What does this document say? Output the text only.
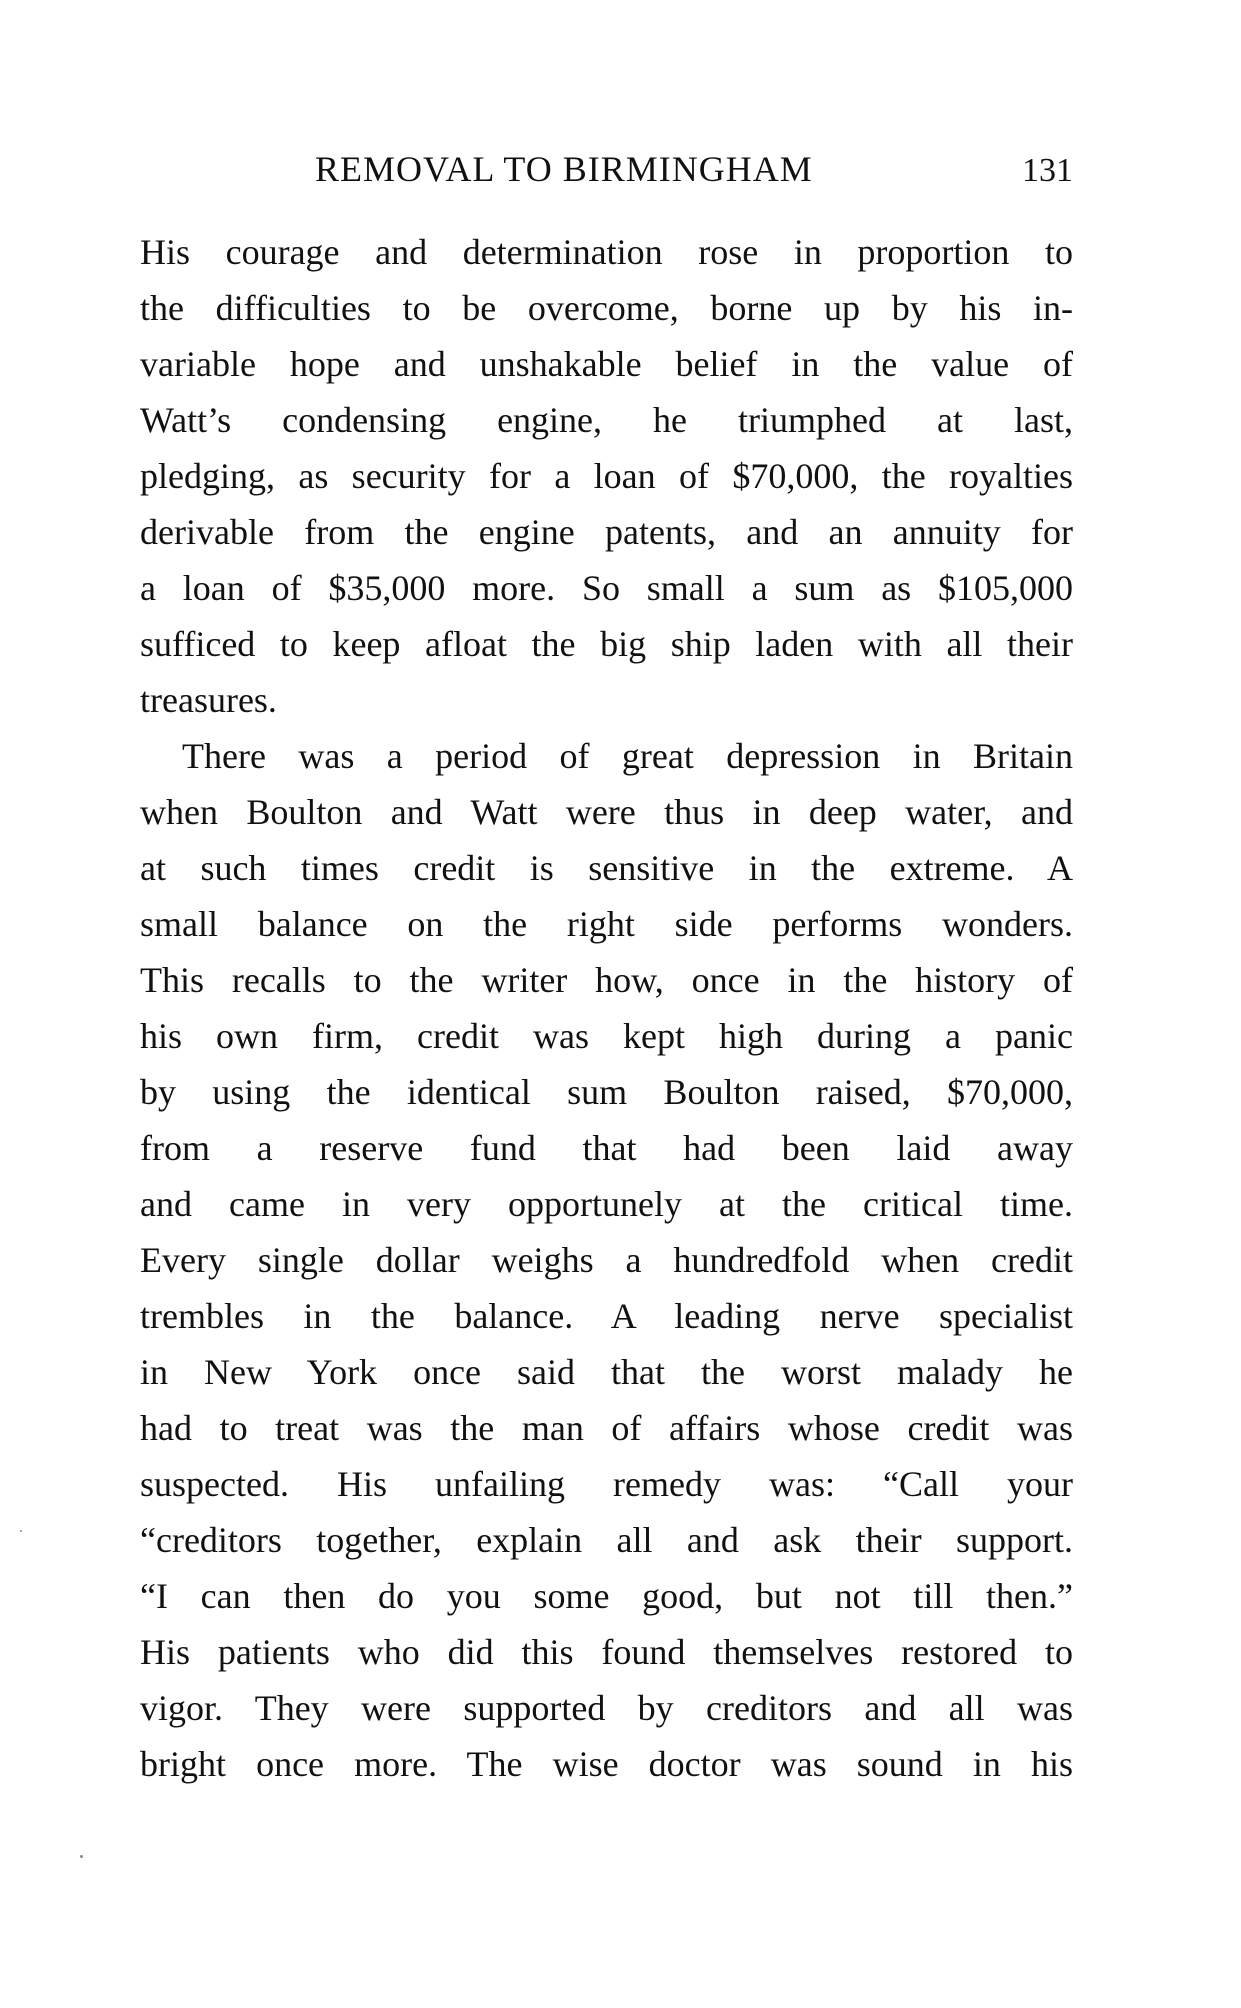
REMOVAL TO BIRMINGHAM	131
His courage and determination rose in proportion to
the difficulties to be overcome, borne up by his in-
variable hope and unshakable belief in the value of
Watt’s condensing engine, he triumphed at last,
pledging, as security for a loan of $70,000, the royalties
derivable from the engine patents, and an annuity for
a loan of $35,000 more. So small a sum as $105,000
sufficed to keep afloat the big ship laden with all their
treasures.
There was a period of great depression in Britain
when Boulton and Watt were thus in deep water, and
at such times credit is sensitive in the extreme. A
small balance on the right side performs wonders.
This recalls to the writer how, once in the history of
his own firm, credit was kept high during a panic
by using the identical sum Boulton raised, $70,000,
from a reserve fund that had been laid away
and came in very opportunely at the critical time.
Every single dollar weighs a hundredfold when credit
trembles in the balance. A leading nerve specialist
in New York once said that the worst malady he
had to treat was the man of affairs whose credit was
suspected. His unfailing remedy was: “Call your
“creditors together, explain all and ask their support.
“I can then do you some good, but not till then.”
His patients who did this found themselves restored to
vigor. They were supported by creditors and all was
bright once more. The wise doctor was sound in his
